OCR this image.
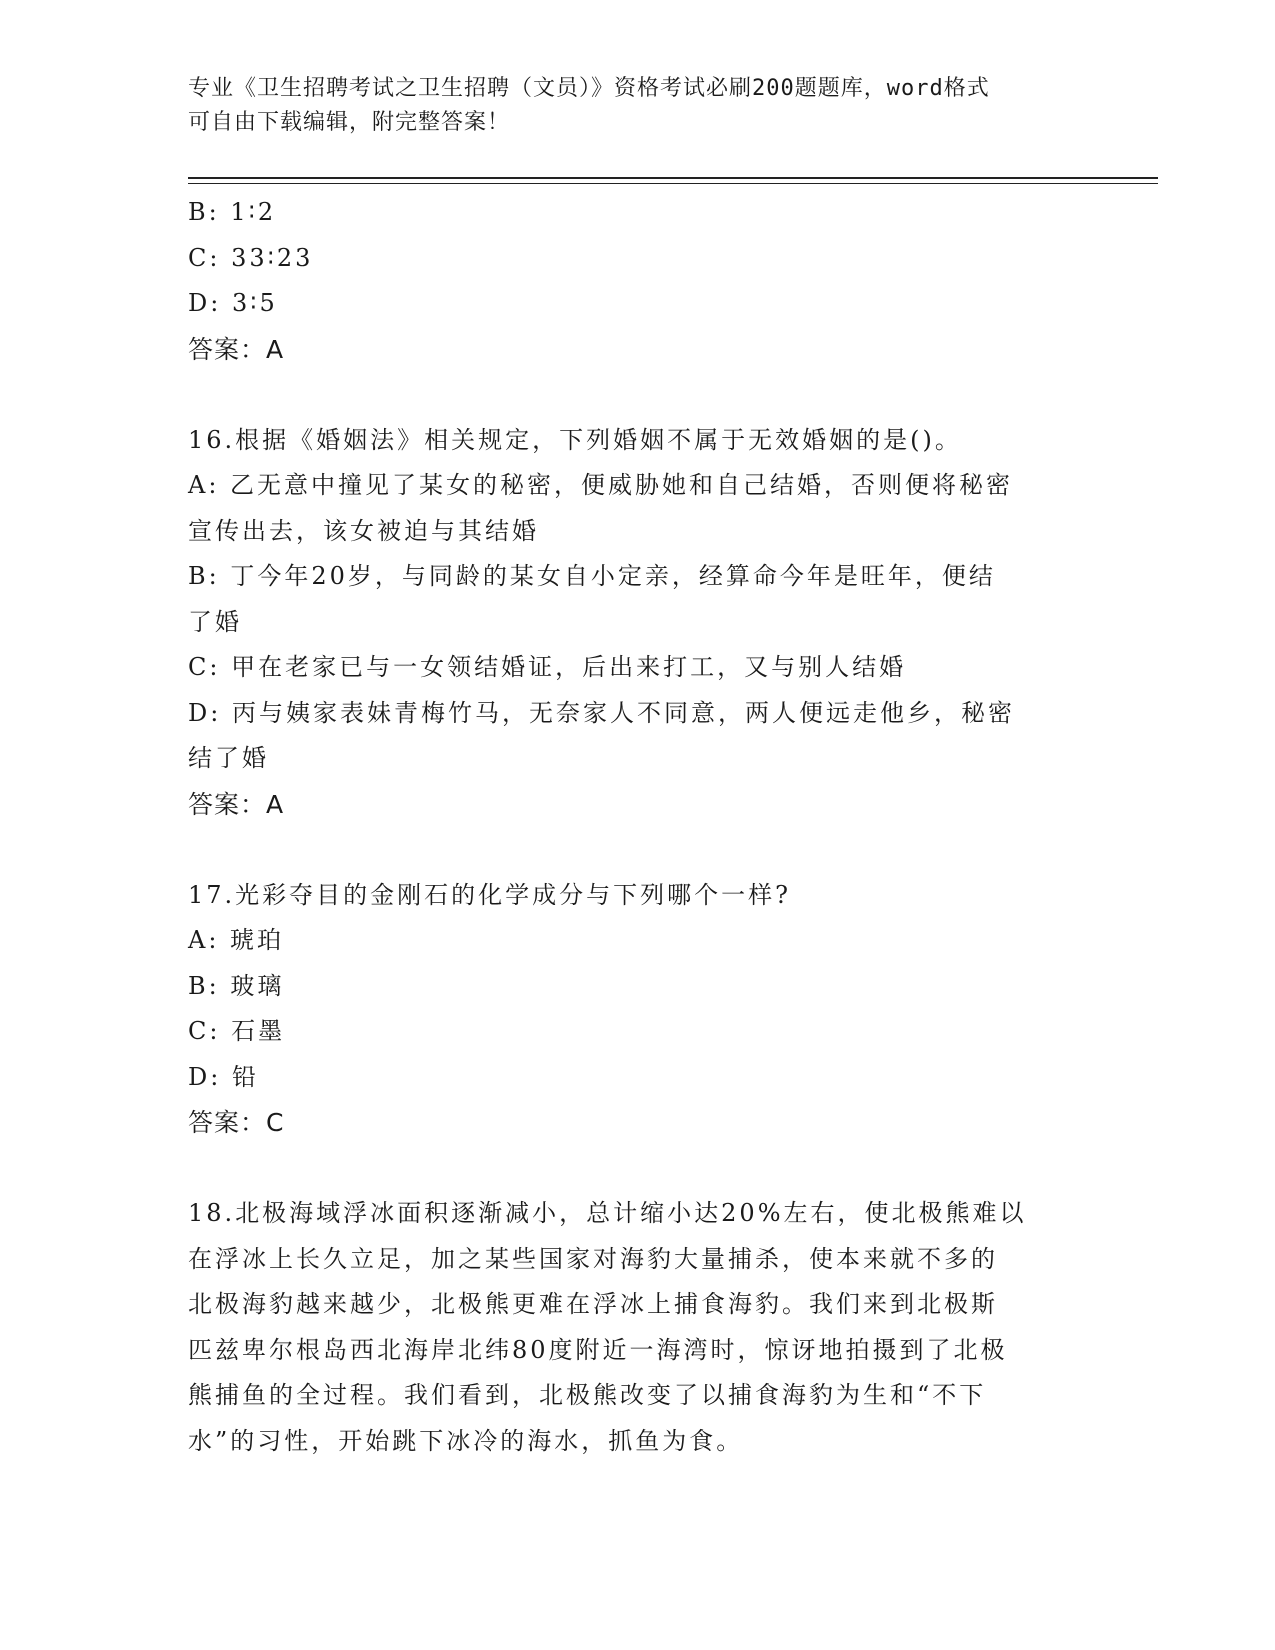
专业《卫生招聘考试之卫生招聘（文员）》资格考试必刷200题题库，word格式
可自由下载编辑，附完整答案！
B: 1∶2
C: 33∶23
D: 3∶5
答案：A
16.根据《婚姻法》相关规定，下列婚姻不属于无效婚姻的是()。
A: 乙无意中撞见了某女的秘密，便威胁她和自己结婚，否则便将秘密
宣传出去，该女被迫与其结婚
B: 丁今年20岁，与同龄的某女自小定亲，经算命今年是旺年，便结
了婚
C: 甲在老家已与一女领结婚证，后出来打工，又与别人结婚
D: 丙与姨家表妹青梅竹马，无奈家人不同意，两人便远走他乡，秘密
结了婚
答案：A
17.光彩夺目的金刚石的化学成分与下列哪个一样?
A: 琥珀
B: 玻璃
C: 石墨
D: 铅
答案：C
18.北极海域浮冰面积逐渐减小，总计缩小达20%左右，使北极熊难以
在浮冰上长久立足，加之某些国家对海豹大量捕杀，使本来就不多的
北极海豹越来越少，北极熊更难在浮冰上捕食海豹。我们来到北极斯
匹兹卑尔根岛西北海岸北纬80度附近一海湾时，惊讶地拍摄到了北极
熊捕鱼的全过程。我们看到，北极熊改变了以捕食海豹为生和“不下
水”的习性，开始跳下冰冷的海水，抓鱼为食。
